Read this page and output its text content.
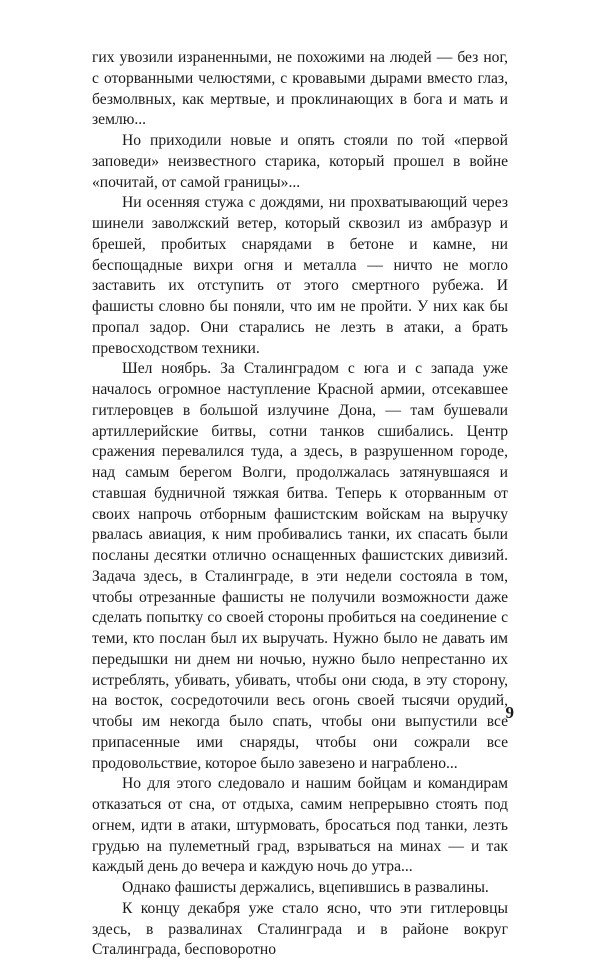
гих увозили израненными, не похожими на людей — без ног, с оторванными челюстями, с кровавыми дырами вместо глаз, безмолвных, как мертвые, и проклинающих в бога и мать и землю...

Но приходили новые и опять стояли по той «первой заповеди» неизвестного старика, который прошел в войне «почитай, от самой границы»...

Ни осенняя стужа с дождями, ни прохватывающий через шинели заволжский ветер, который сквозил из амбразур и брешей, пробитых снарядами в бетоне и камне, ни беспощадные вихри огня и металла — ничто не могло заставить их отступить от этого смертного рубежа. И фашисты словно бы поняли, что им не пройти. У них как бы пропал задор. Они старались не лезть в атаки, а брать превосходством техники.

Шел ноябрь. За Сталинградом с юга и с запада уже началось огромное наступление Красной армии, отсекавшее гитлеровцев в большой излучине Дона, — там бушевали артиллерийские битвы, сотни танков сшибались. Центр сражения перевалился туда, а здесь, в разрушенном городе, над самым берегом Волги, продолжалась затянувшаяся и ставшая будничной тяжкая битва. Теперь к оторванным от своих напрочь отборным фашистским войскам на выручку рвалась авиация, к ним пробивались танки, их спасать были посланы десятки отлично оснащенных фашистских дивизий. Задача здесь, в Сталинграде, в эти недели состояла в том, чтобы отрезанные фашисты не получили возможности даже сделать попытку со своей стороны пробиться на соединение с теми, кто послан был их выручать. Нужно было не давать им передышки ни днем ни ночью, нужно было непрестанно их истреблять, убивать, убивать, чтобы они сюда, в эту сторону, на восток, сосредоточили весь огонь своей тысячи орудий, чтобы им некогда было спать, чтобы они выпустили все припасенные ими снаряды, чтобы они сожрали все продовольствие, которое было завезено и награблено...

Но для этого следовало и нашим бойцам и командирам отказаться от сна, от отдыха, самим непрерывно стоять под огнем, идти в атаки, штурмовать, бросаться под танки, лезть грудью на пулеметный град, взрываться на минах — и так каждый день до вечера и каждую ночь до утра...

Однако фашисты держались, вцепившись в развалины.

К концу декабря уже стало ясно, что эти гитлеровцы здесь, в развалинах Сталинграда и в районе вокруг Сталинграда, бесповоротно

9
